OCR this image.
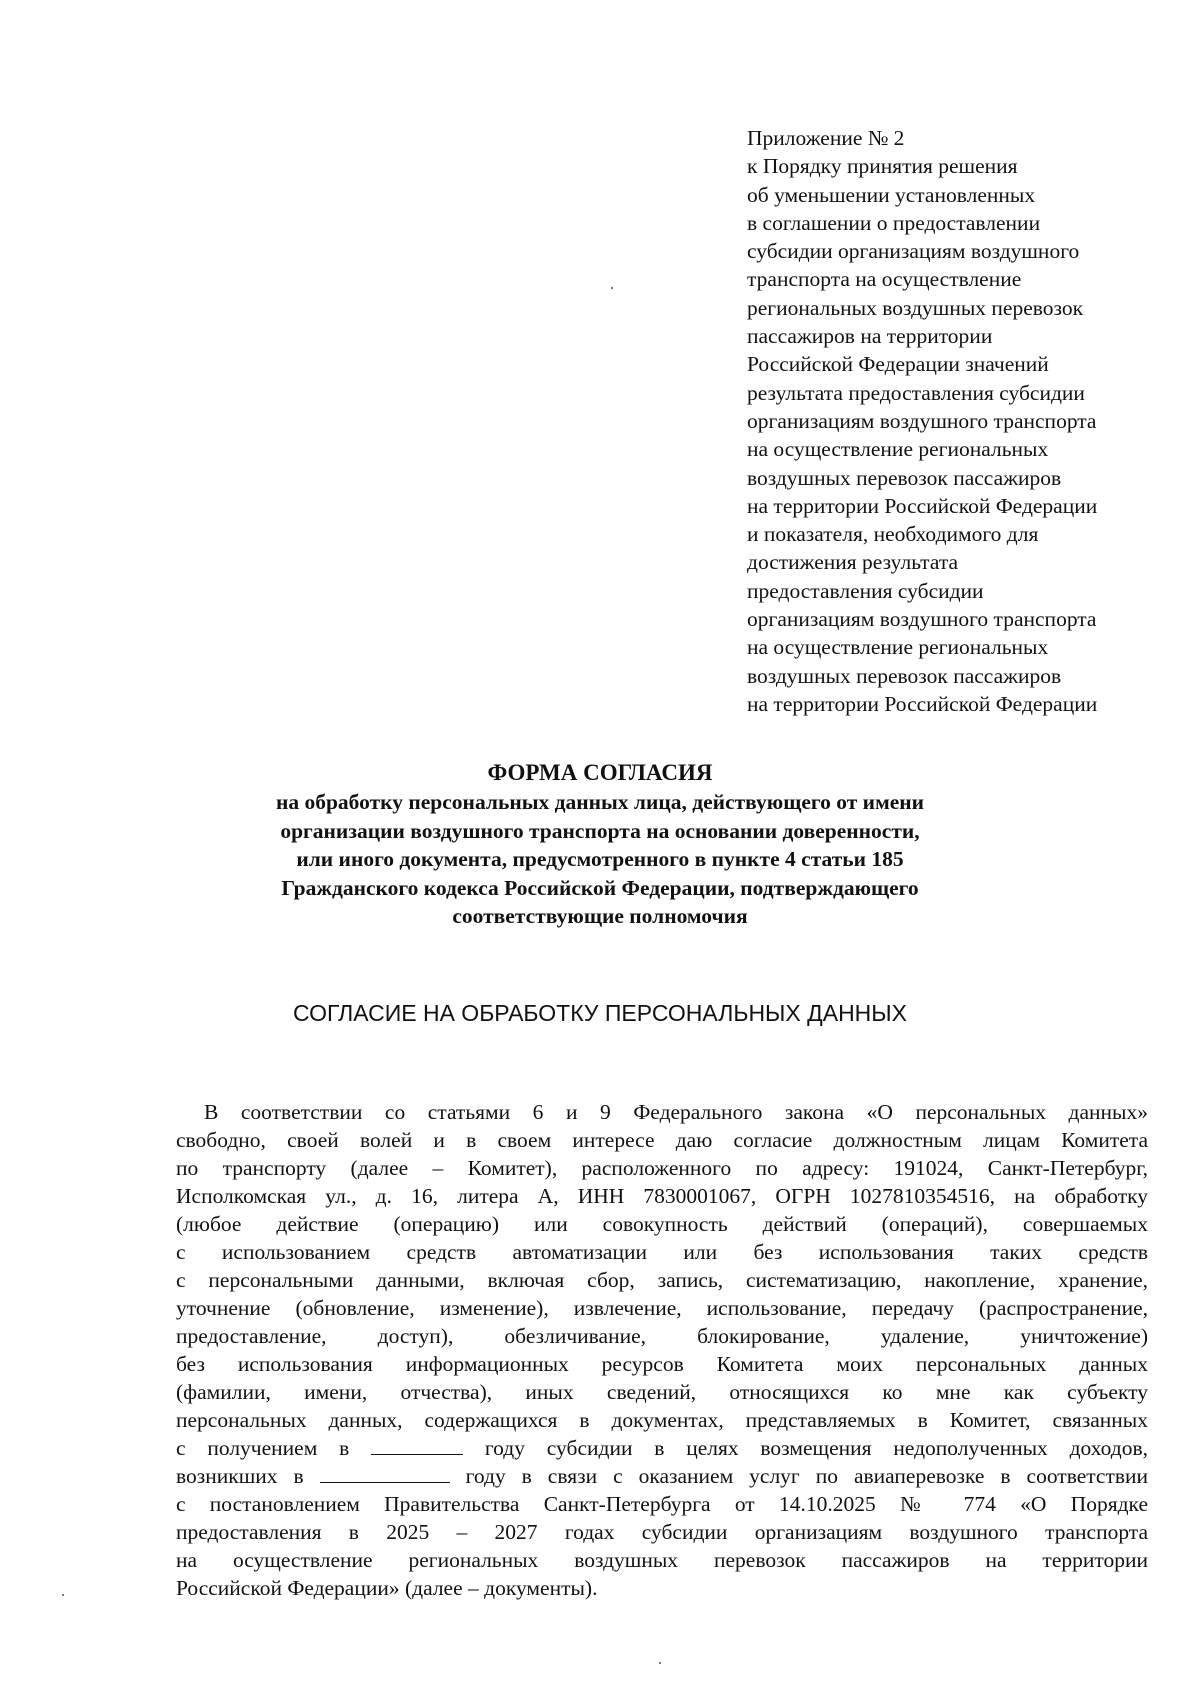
Приложение № 2
к Порядку принятия решения
об уменьшении установленных
в соглашении о предоставлении
субсидии организациям воздушного
транспорта на осуществление
региональных воздушных перевозок
пассажиров на территории
Российской Федерации значений
результата предоставления субсидии
организациям воздушного транспорта
на осуществление региональных
воздушных перевозок пассажиров
на территории Российской Федерации
и показателя, необходимого для
достижения результата
предоставления субсидии
организациям воздушного транспорта
на осуществление региональных
воздушных перевозок пассажиров
на территории Российской Федерации
ФОРМА СОГЛАСИЯ
на обработку персональных данных лица, действующего от имени
организации воздушного транспорта на основании доверенности,
или иного документа, предусмотренного в пункте 4 статьи 185
Гражданского кодекса Российской Федерации, подтверждающего
соответствующие полномочия
СОГЛАСИЕ НА ОБРАБОТКУ ПЕРСОНАЛЬНЫХ ДАННЫХ
В соответствии со статьями 6 и 9 Федерального закона «О персональных данных»
свободно, своей волей и в своем интересе даю согласие должностным лицам Комитета
по транспорту (далее – Комитет), расположенного по адресу: 191024, Санкт-Петербург,
Исполкомская ул., д. 16, литера А, ИНН 7830001067, ОГРН 1027810354516, на обработку
(любое действие (операцию) или совокупность действий (операций), совершаемых
с использованием средств автоматизации или без использования таких средств
с персональными данными, включая сбор, запись, систематизацию, накопление, хранение,
уточнение (обновление, изменение), извлечение, использование, передачу (распространение,
предоставление, доступ), обезличивание, блокирование, удаление, уничтожение)
без использования информационных ресурсов Комитета моих персональных данных
(фамилии, имени, отчества), иных сведений, относящихся ко мне как субъекту
персональных данных, содержащихся в документах, представляемых в Комитет, связанных
с получением в	году субсидии в целях возмещения недополученных доходов,
возникших в	году в связи с оказанием услуг по авиаперевозке в соответствии
с постановлением Правительства Санкт-Петербурга от 14.10.2025 № 774 «О Порядке
предоставления в 2025 – 2027 годах субсидии организациям воздушного транспорта
на осуществление региональных воздушных перевозок пассажиров на территории
Российской Федерации» (далее – документы).
